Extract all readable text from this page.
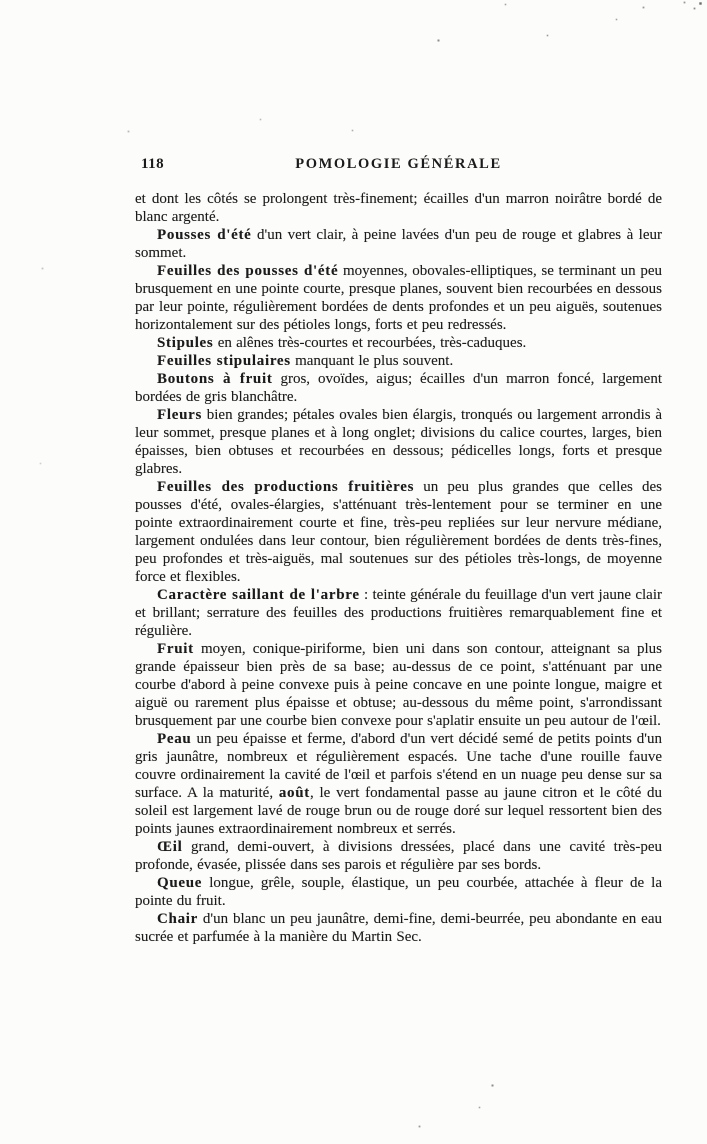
118	POMOLOGIE GÉNÉRALE

et dont les côtés se prolongent très-finement; écailles d'un marron noirâtre bordé de blanc argenté.

Pousses d'été d'un vert clair, à peine lavées d'un peu de rouge et glabres à leur sommet.

Feuilles des pousses d'été moyennes, obovales-elliptiques, se terminant un peu brusquement en une pointe courte, presque planes, souvent bien recourbées en dessous par leur pointe, régulièrement bordées de dents profondes et un peu aiguës, soutenues horizontalement sur des pétioles longs, forts et peu redressés.

Stipules en alênes très-courtes et recourbées, très-caduques.

Feuilles stipulaires manquant le plus souvent.

Boutons à fruit gros, ovoïdes, aigus; écailles d'un marron foncé, largement bordées de gris blanchâtre.

Fleurs bien grandes; pétales ovales bien élargis, tronqués ou largement arrondis à leur sommet, presque planes et à long onglet; divisions du calice courtes, larges, bien épaisses, bien obtuses et recourbées en dessous; pédicelles longs, forts et presque glabres.

Feuilles des productions fruitières un peu plus grandes que celles des pousses d'été, ovales-élargies, s'atténuant très-lentement pour se terminer en une pointe extraordinairement courte et fine, très-peu repliées sur leur nervure médiane, largement ondulées dans leur contour, bien régulièrement bordées de dents très-fines, peu profondes et très-aiguës, mal soutenues sur des pétioles très-longs, de moyenne force et flexibles.

Caractère saillant de l'arbre : teinte générale du feuillage d'un vert jaune clair et brillant; serrature des feuilles des productions fruitières remarquablement fine et régulière.

Fruit moyen, conique-piriforme, bien uni dans son contour, atteignant sa plus grande épaisseur bien près de sa base; au-dessus de ce point, s'atténuant par une courbe d'abord à peine convexe puis à peine concave en une pointe longue, maigre et aiguë ou rarement plus épaisse et obtuse; au-dessous du même point, s'arrondissant brusquement par une courbe bien convexe pour s'aplatir ensuite un peu autour de l'œil.

Peau un peu épaisse et ferme, d'abord d'un vert décidé semé de petits points d'un gris jaunâtre, nombreux et régulièrement espacés. Une tache d'une rouille fauve couvre ordinairement la cavité de l'œil et parfois s'étend en un nuage peu dense sur sa surface. A la maturité, août, le vert fondamental passe au jaune citron et le côté du soleil est largement lavé de rouge brun ou de rouge doré sur lequel ressortent bien des points jaunes extraordinairement nombreux et serrés.

Œil grand, demi-ouvert, à divisions dressées, placé dans une cavité très-peu profonde, évasée, plissée dans ses parois et régulière par ses bords.

Queue longue, grêle, souple, élastique, un peu courbée, attachée à fleur de la pointe du fruit.

Chair d'un blanc un peu jaunâtre, demi-fine, demi-beurrée, peu abondante en eau sucrée et parfumée à la manière du Martin Sec.
